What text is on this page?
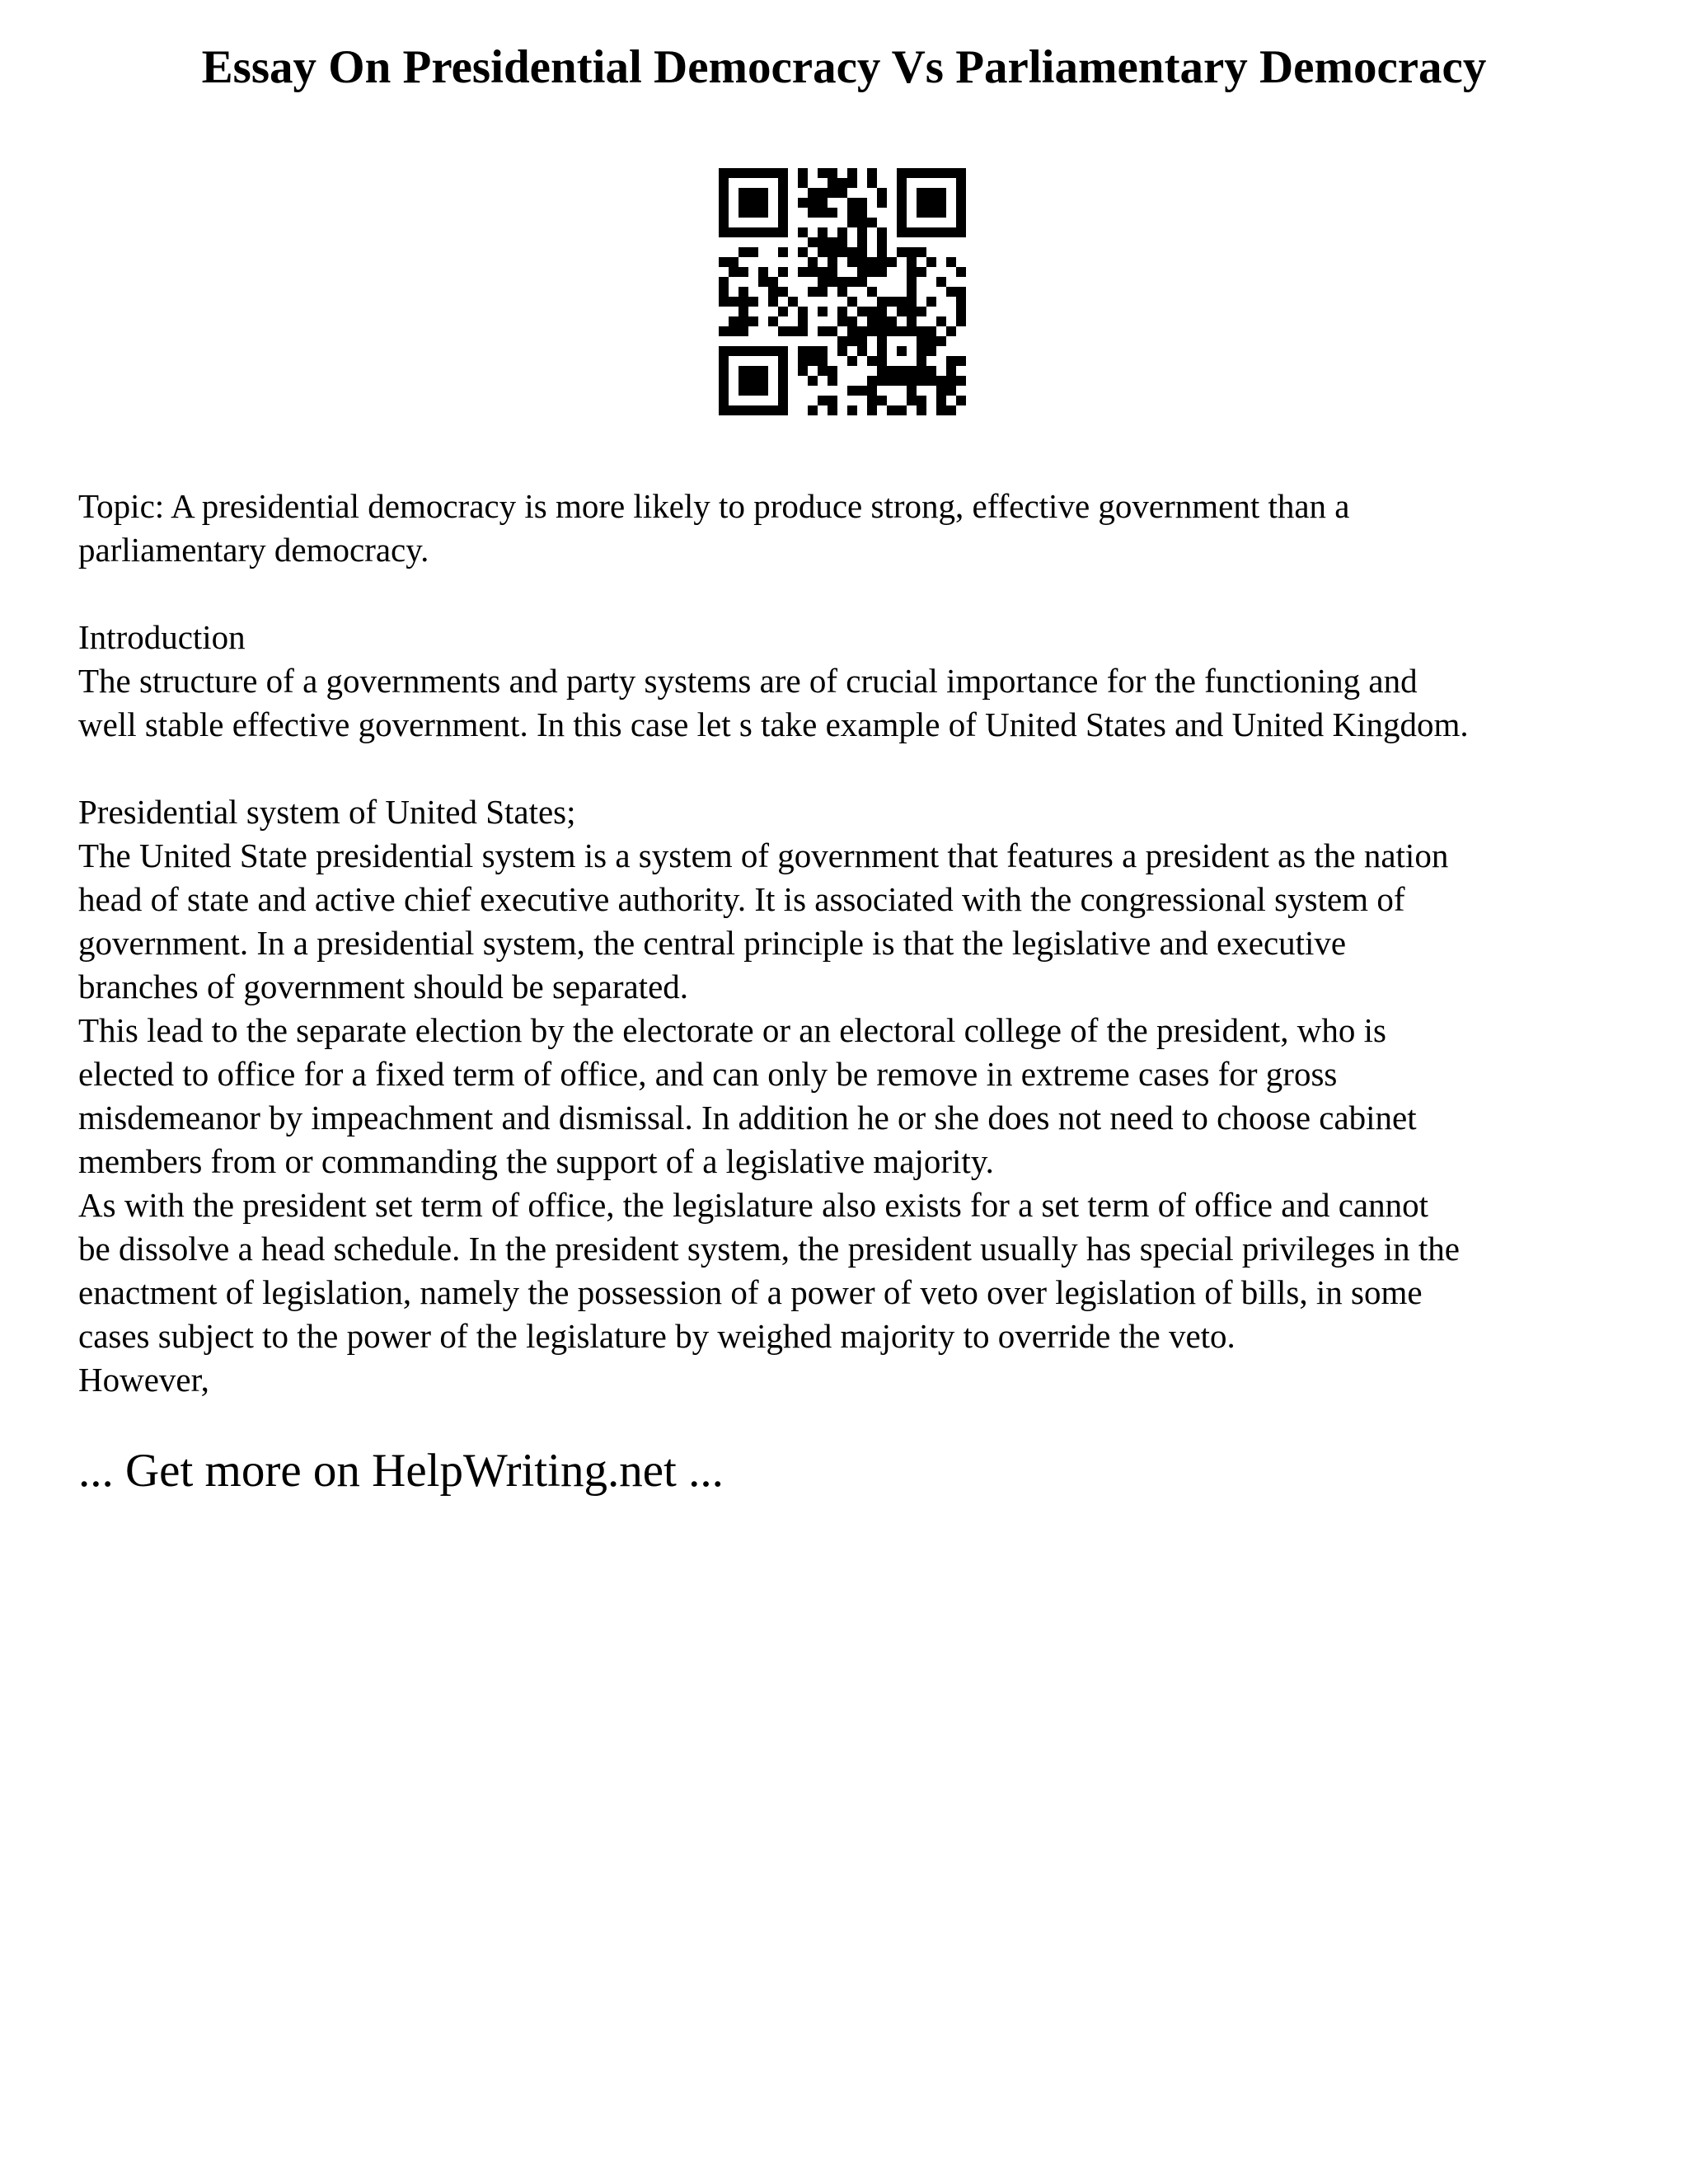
Essay On Presidential Democracy Vs Parliamentary Democracy

Topic: A presidential democracy is more likely to produce strong, effective government than a

parliamentary democracy.

Introduction

The structure of a governments and party systems are of crucial importance for the functioning and

well stable effective government. In this case let s take example of United States and United Kingdom.

Presidential system of United States;

The United State presidential system is a system of government that features a president as the nation

head of state and active chief executive authority. It is associated with the congressional system of

government. In a presidential system, the central principle is that the legislative and executive

branches of government should be separated.

This lead to the separate election by the electorate or an electoral college of the president, who is

elected to office for a fixed term of office, and can only be remove in extreme cases for gross

misdemeanor by impeachment and dismissal. In addition he or she does not need to choose cabinet

members from or commanding the support of a legislative majority.

As with the president set term of office, the legislature also exists for a set term of office and cannot

be dissolve a head schedule. In the president system, the president usually has special privileges in the

enactment of legislation, namely the possession of a power of veto over legislation of bills, in some

cases subject to the power of the legislature by weighed majority to override the veto.

However,

... Get more on HelpWriting.net ...
